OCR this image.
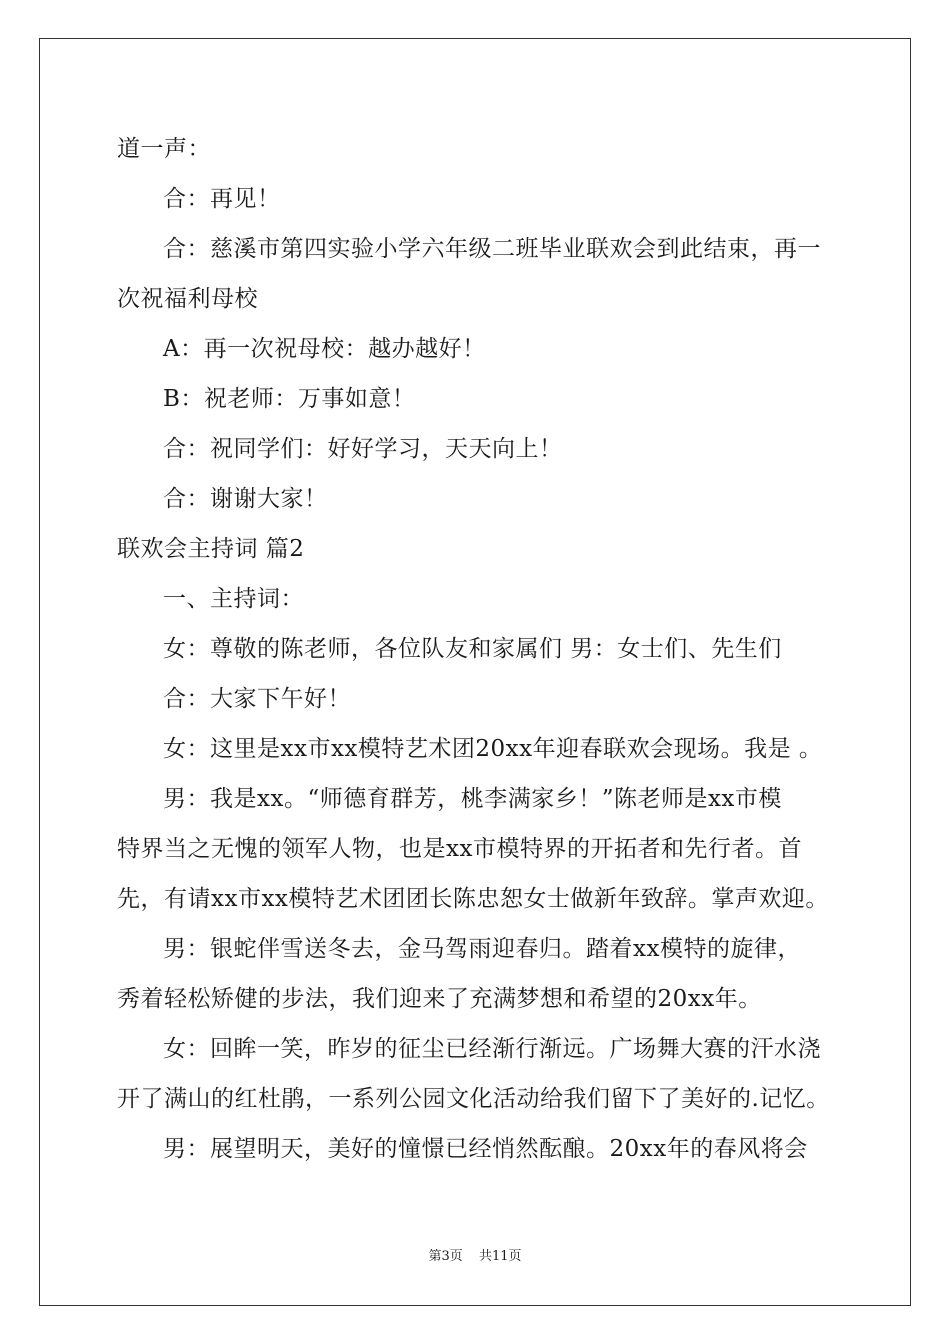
道一声：

合：再见！

合：慈溪市第四实验小学六年级二班毕业联欢会到此结束，再一

次祝福利母校

A：再一次祝母校：越办越好！

B：祝老师：万事如意！

合：祝同学们：好好学习，天天向上！

合：谢谢大家！

联欢会主持词 篇2

一、主持词：

女：尊敬的陈老师，各位队友和家属们 男：女士们、先生们

合：大家下午好！

女：这里是xx市xx模特艺术团20xx年迎春联欢会现场。我是 。

男：我是xx。“师德育群芳，桃李满家乡！”陈老师是xx市模

特界当之无愧的领军人物，也是xx市模特界的开拓者和先行者。首

先，有请xx市xx模特艺术团团长陈忠恕女士做新年致辞。掌声欢迎。

男：银蛇伴雪送冬去，金马驾雨迎春归。踏着xx模特的旋律，

秀着轻松矫健的步法，我们迎来了充满梦想和希望的20xx年。

女：回眸一笑，昨岁的征尘已经渐行渐远。广场舞大赛的汗水浇

开了满山的红杜鹃，一系列公园文化活动给我们留下了美好的.记忆。

男：展望明天，美好的憧憬已经悄然酝酿。20xx年的春风将会

第3页 共11页
